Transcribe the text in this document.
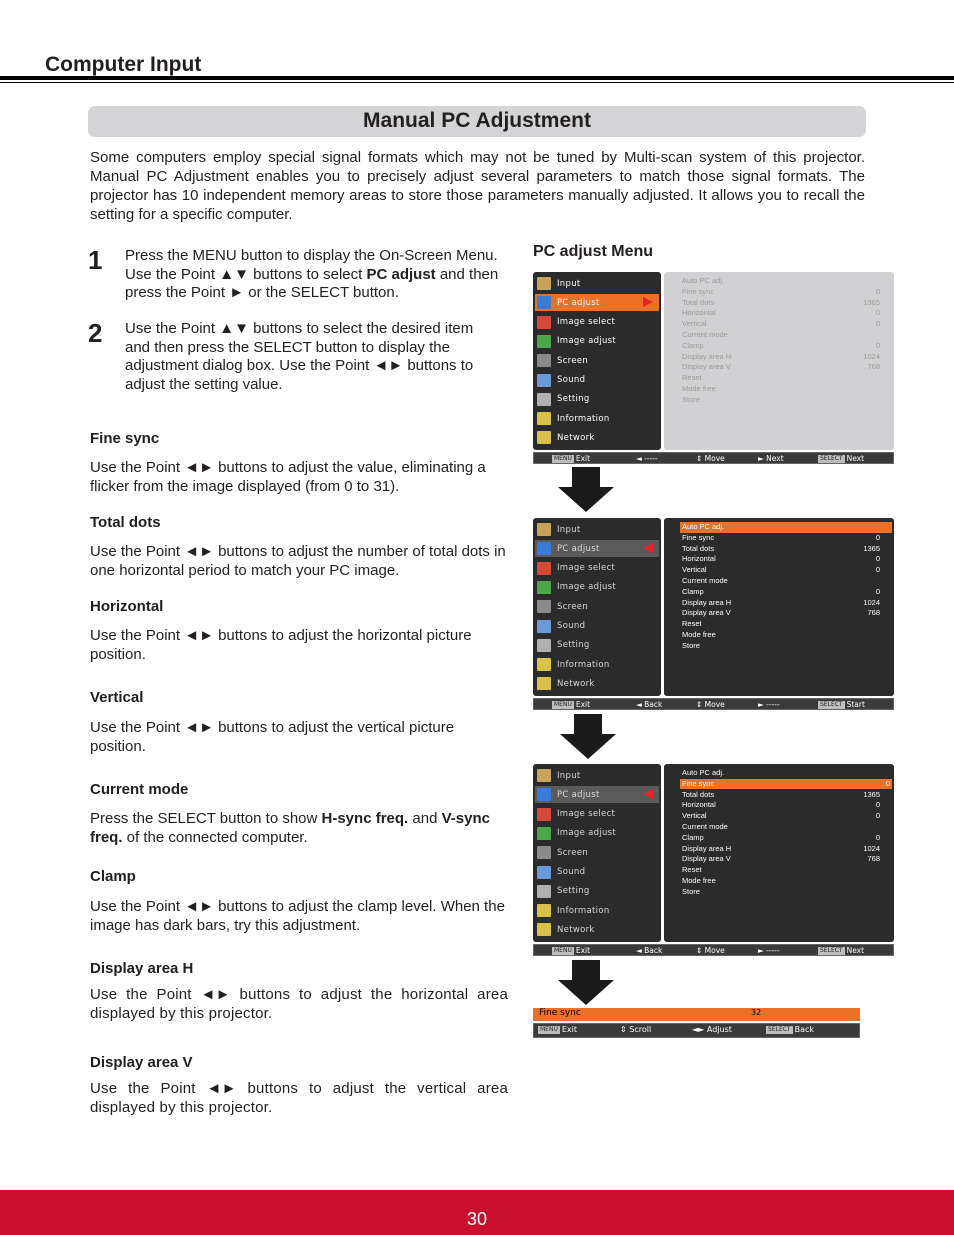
Computer Input
Manual PC Adjustment

Some computers employ special signal formats which may not be tuned by Multi-scan system of this projector. Manual PC Adjustment enables you to precisely adjust several parameters to match those signal formats. The projector has 10 independent memory areas to store those parameters manually adjusted. It allows you to recall the setting for a specific computer.

1 Press the MENU button to display the On-Screen Menu. Use the Point ▲▼ buttons to select PC adjust and then press the Point ► or the SELECT button.

2 Use the Point ▲▼ buttons to select the desired item and then press the SELECT button to display the adjustment dialog box. Use the Point ◄► buttons to adjust the setting value.

Fine sync

Use the Point ◄► buttons to adjust the value, eliminating a flicker from the image displayed (from 0 to 31).

Total dots

Use the Point ◄► buttons to adjust the number of total dots in one horizontal period to match your PC image.

Horizontal

Use the Point ◄► buttons to adjust the horizontal picture position.

Vertical

Use the Point ◄► buttons to adjust the vertical picture position.

Current mode

Press the SELECT button to show H-sync freq. and V-sync freq. of the connected computer.

Clamp

Use the Point ◄► buttons to adjust the clamp level. When the image has dark bars, try this adjustment.

Display area H

Use the Point ◄► buttons to adjust the horizontal area displayed by this projector.

Display area V

Use the Point ◄► buttons to adjust the vertical area displayed by this projector.

PC adjust Menu
Input
PC adjust
Image select
Image adjust
Screen
Sound
Setting
Information
Network
Auto PC adj.
Fine sync	0
Total dots	1365
Horizontal	0
Vertical	0
Current mode
Clamp	0
Display area H	1024
Display area V	768
Reset
Mode free
Store
MENU Exit	◄ -----	⇕ Move	► Next	SELECT Next
Input
PC adjust
Image select
Image adjust
Screen
Sound
Setting
Information
Network
Auto PC adj.
Fine sync	0
Total dots	1365
Horizontal	0
Vertical	0
Current mode
Clamp	0
Display area H	1024
Display area V	768
Reset
Mode free
Store
MENU Exit	◄ Back	⇕ Move	► -----	SELECT Start
Input
PC adjust
Image select
Image adjust
Screen
Sound
Setting
Information
Network
Auto PC adj.
Fine sync	0
Total dots	1365
Horizontal	0
Vertical	0
Current mode
Clamp	0
Display area H	1024
Display area V	768
Reset
Mode free
Store
MENU Exit	◄ Back	⇕ Move	► -----	SELECT Next
Fine sync	32
MENU Exit	⇕ Scroll	◄► Adjust	SELECT Back
30
